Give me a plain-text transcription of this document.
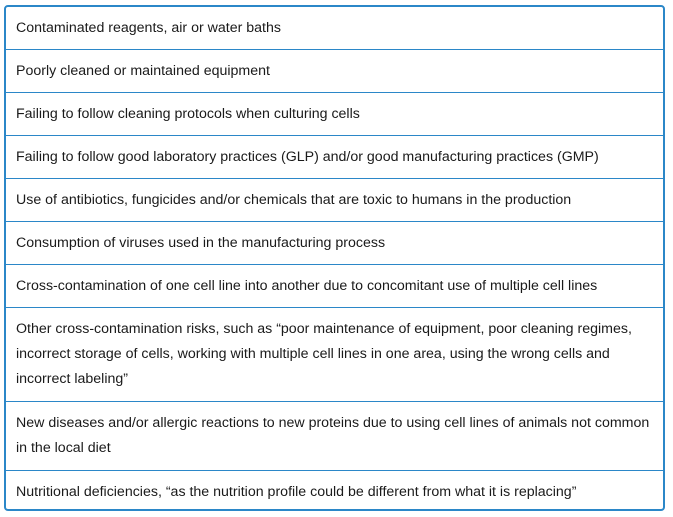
Contaminated reagents, air or water baths
Poorly cleaned or maintained equipment
Failing to follow cleaning protocols when culturing cells
Failing to follow good laboratory practices (GLP) and/or good manufacturing practices (GMP)
Use of antibiotics, fungicides and/or chemicals that are toxic to humans in the production
Consumption of viruses used in the manufacturing process
Cross-contamination of one cell line into another due to concomitant use of multiple cell lines
Other cross-contamination risks, such as “poor maintenance of equipment, poor cleaning regimes, incorrect storage of cells, working with multiple cell lines in one area, using the wrong cells and incorrect labeling”
New diseases and/or allergic reactions to new proteins due to using cell lines of animals not common in the local diet
Nutritional deficiencies, “as the nutrition profile could be different from what it is replacing”
